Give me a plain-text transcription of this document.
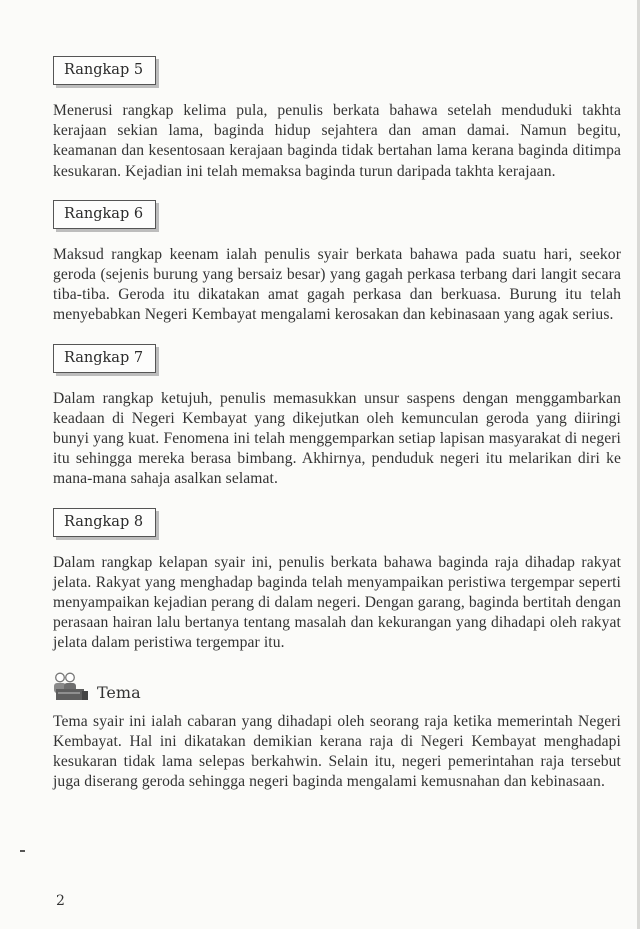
Rangkap 5

Menerusi rangkap kelima pula, penulis berkata bahawa setelah menduduki takhta kerajaan sekian lama, baginda hidup sejahtera dan aman damai. Namun begitu, keamanan dan kesentosaan kerajaan baginda tidak bertahan lama kerana baginda ditimpa kesukaran. Kejadian ini telah memaksa baginda turun daripada takhta kerajaan.

Rangkap 6

Maksud rangkap keenam ialah penulis syair berkata bahawa pada suatu hari, seekor geroda (sejenis burung yang bersaiz besar) yang gagah perkasa terbang dari langit secara tiba-tiba. Geroda itu dikatakan amat gagah perkasa dan berkuasa. Burung itu telah menyebabkan Negeri Kembayat mengalami kerosakan dan kebinasaan yang agak serius.

Rangkap 7

Dalam rangkap ketujuh, penulis memasukkan unsur saspens dengan menggambarkan keadaan di Negeri Kembayat yang dikejutkan oleh kemunculan geroda yang diiringi bunyi yang kuat. Fenomena ini telah menggemparkan setiap lapisan masyarakat di negeri itu sehingga mereka berasa bimbang. Akhirnya, penduduk negeri itu melarikan diri ke mana-mana sahaja asalkan selamat.

Rangkap 8

Dalam rangkap kelapan syair ini, penulis berkata bahawa baginda raja dihadap rakyat jelata. Rakyat yang menghadap baginda telah menyampaikan peristiwa tergempar seperti menyampaikan kejadian perang di dalam negeri. Dengan garang, baginda bertitah dengan perasaan hairan lalu bertanya tentang masalah dan kekurangan yang dihadapi oleh rakyat jelata dalam peristiwa tergempar itu.

Tema

Tema syair ini ialah cabaran yang dihadapi oleh seorang raja ketika memerintah Negeri Kembayat. Hal ini dikatakan demikian kerana raja di Negeri Kembayat menghadapi kesukaran tidak lama selepas berkahwin. Selain itu, negeri pemerintahan raja tersebut juga diserang geroda sehingga negeri baginda mengalami kemusnahan dan kebinasaan.

2
